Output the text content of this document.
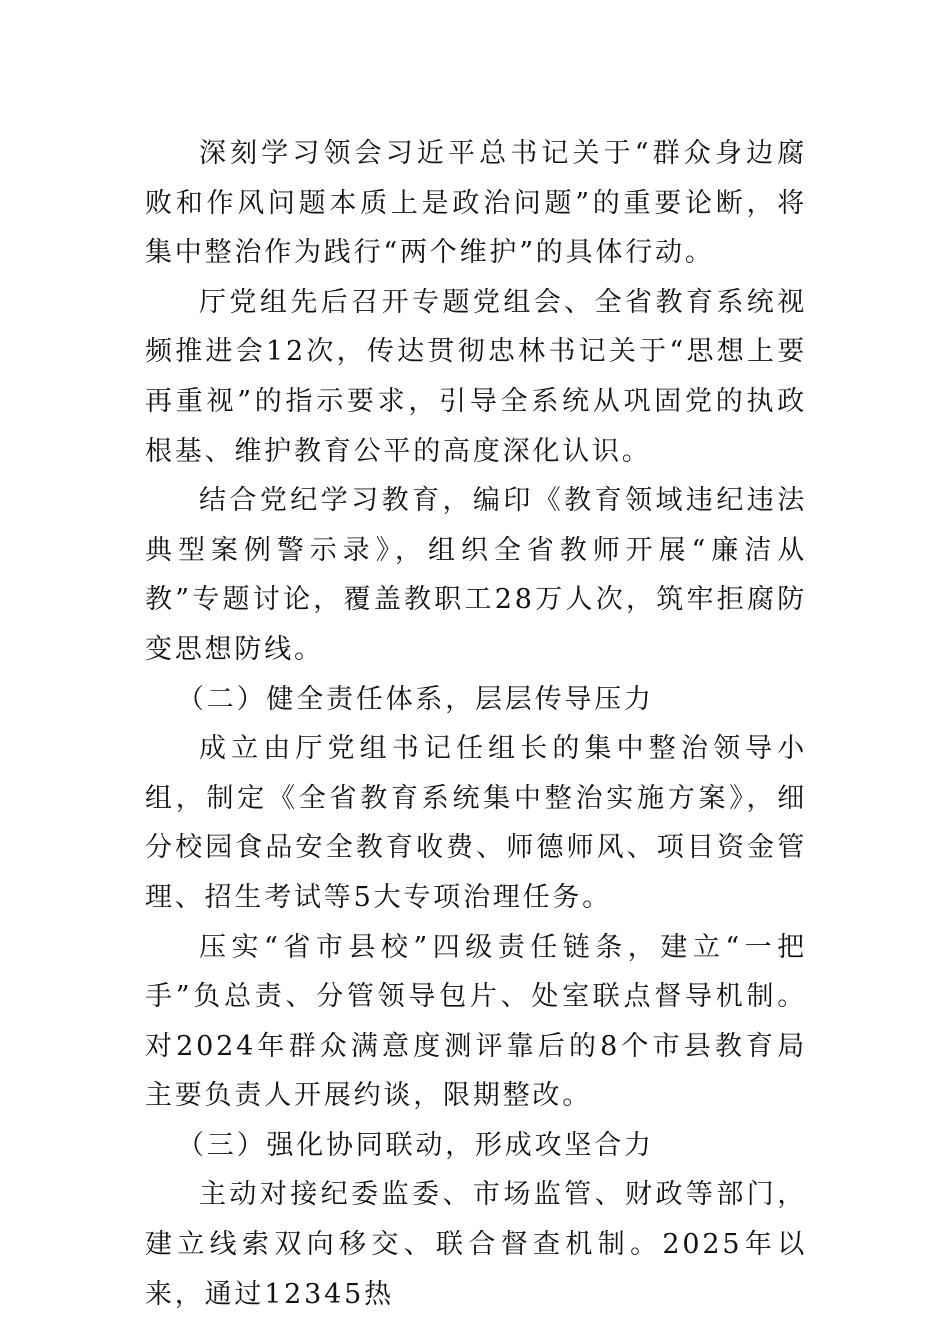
深刻学习领会习近平总书记关于“群众身边腐败和作风问题本质上是政治问题”的重要论断，将集中整治作为践行“两个维护”的具体行动。

厅党组先后召开专题党组会、全省教育系统视频推进会12次，传达贯彻忠林书记关于“思想上要再重视”的指示要求，引导全系统从巩固党的执政根基、维护教育公平的高度深化认识。

结合党纪学习教育，编印《教育领域违纪违法典型案例警示录》，组织全省教师开展“廉洁从教”专题讨论，覆盖教职工28万人次，筑牢拒腐防变思想防线。

（二）健全责任体系，层层传导压力

成立由厅党组书记任组长的集中整治领导小组，制定《全省教育系统集中整治实施方案》，细分校园食品安全教育收费、师德师风、项目资金管理、招生考试等5大专项治理任务。

压实“省市县校”四级责任链条，建立“一把手”负总责、分管领导包片、处室联点督导机制。对2024年群众满意度测评靠后的8个市县教育局主要负责人开展约谈，限期整改。

（三）强化协同联动，形成攻坚合力

主动对接纪委监委、市场监管、财政等部门，建立线索双向移交、联合督查机制。2025年以来，通过12345热
